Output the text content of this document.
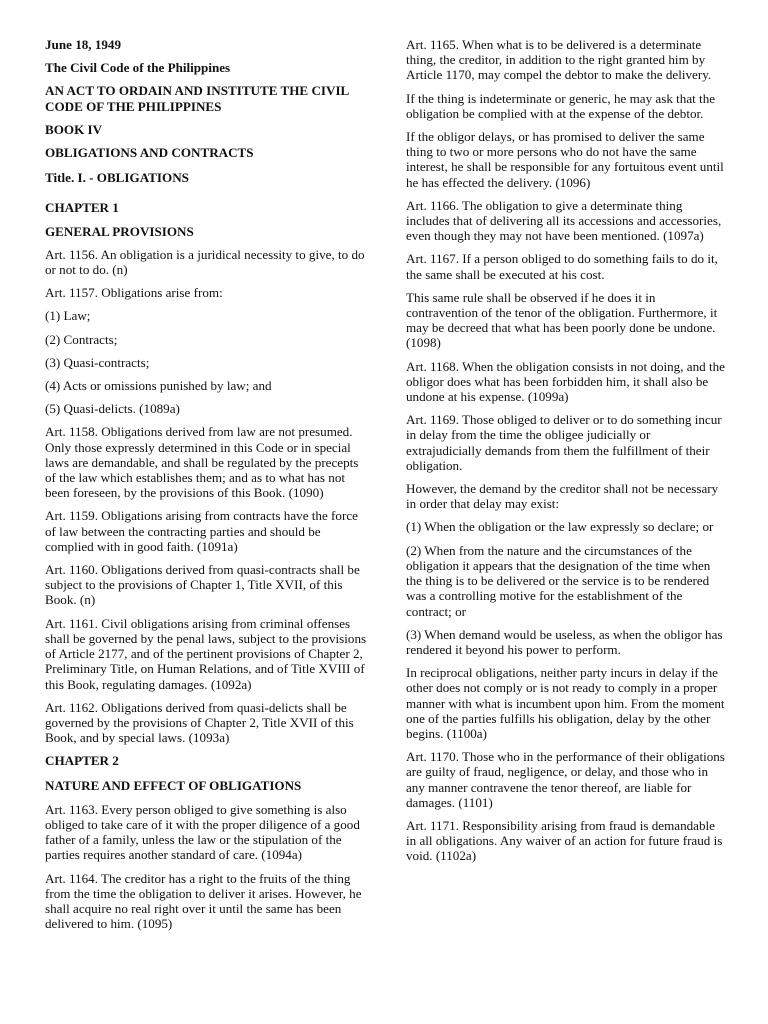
June 18, 1949

The Civil Code of the Philippines

AN ACT TO ORDAIN AND INSTITUTE THE CIVIL CODE OF THE PHILIPPINES

BOOK IV

OBLIGATIONS AND CONTRACTS

Title. I. - OBLIGATIONS

CHAPTER 1

GENERAL PROVISIONS

Art. 1156. An obligation is a juridical necessity to give, to do or not to do. (n)

Art. 1157. Obligations arise from:

(1) Law;

(2) Contracts;

(3) Quasi-contracts;

(4) Acts or omissions punished by law; and

(5) Quasi-delicts. (1089a)

Art. 1158. Obligations derived from law are not presumed. Only those expressly determined in this Code or in special laws are demandable, and shall be regulated by the precepts of the law which establishes them; and as to what has not been foreseen, by the provisions of this Book. (1090)

Art. 1159. Obligations arising from contracts have the force of law between the contracting parties and should be complied with in good faith. (1091a)

Art. 1160. Obligations derived from quasi-contracts shall be subject to the provisions of Chapter 1, Title XVII, of this Book. (n)

Art. 1161. Civil obligations arising from criminal offenses shall be governed by the penal laws, subject to the provisions of Article 2177, and of the pertinent provisions of Chapter 2, Preliminary Title, on Human Relations, and of Title XVIII of this Book, regulating damages. (1092a)

Art. 1162. Obligations derived from quasi-delicts shall be governed by the provisions of Chapter 2, Title XVII of this Book, and by special laws. (1093a)

CHAPTER 2

NATURE AND EFFECT OF OBLIGATIONS

Art. 1163. Every person obliged to give something is also obliged to take care of it with the proper diligence of a good father of a family, unless the law or the stipulation of the parties requires another standard of care. (1094a)

Art. 1164. The creditor has a right to the fruits of the thing from the time the obligation to deliver it arises. However, he shall acquire no real right over it until the same has been delivered to him. (1095)

Art. 1165. When what is to be delivered is a determinate thing, the creditor, in addition to the right granted him by Article 1170, may compel the debtor to make the delivery.

If the thing is indeterminate or generic, he may ask that the obligation be complied with at the expense of the debtor.

If the obligor delays, or has promised to deliver the same thing to two or more persons who do not have the same interest, he shall be responsible for any fortuitous event until he has effected the delivery. (1096)

Art. 1166. The obligation to give a determinate thing includes that of delivering all its accessions and accessories, even though they may not have been mentioned. (1097a)

Art. 1167. If a person obliged to do something fails to do it, the same shall be executed at his cost.

This same rule shall be observed if he does it in contravention of the tenor of the obligation. Furthermore, it may be decreed that what has been poorly done be undone. (1098)

Art. 1168. When the obligation consists in not doing, and the obligor does what has been forbidden him, it shall also be undone at his expense. (1099a)

Art. 1169. Those obliged to deliver or to do something incur in delay from the time the obligee judicially or extrajudicially demands from them the fulfillment of their obligation.

However, the demand by the creditor shall not be necessary in order that delay may exist:

(1) When the obligation or the law expressly so declare; or

(2) When from the nature and the circumstances of the obligation it appears that the designation of the time when the thing is to be delivered or the service is to be rendered was a controlling motive for the establishment of the contract; or

(3) When demand would be useless, as when the obligor has rendered it beyond his power to perform.

In reciprocal obligations, neither party incurs in delay if the other does not comply or is not ready to comply in a proper manner with what is incumbent upon him. From the moment one of the parties fulfills his obligation, delay by the other begins. (1100a)

Art. 1170. Those who in the performance of their obligations are guilty of fraud, negligence, or delay, and those who in any manner contravene the tenor thereof, are liable for damages. (1101)

Art. 1171. Responsibility arising from fraud is demandable in all obligations. Any waiver of an action for future fraud is void. (1102a)
